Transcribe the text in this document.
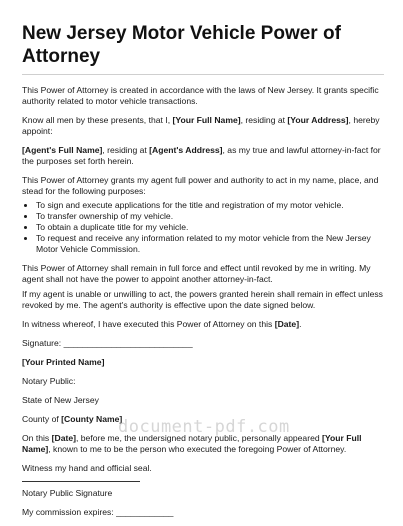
New Jersey Motor Vehicle Power of Attorney

This Power of Attorney is created in accordance with the laws of New Jersey. It grants specific authority related to motor vehicle transactions.

Know all men by these presents, that I, [Your Full Name], residing at [Your Address], hereby appoint:

[Agent's Full Name], residing at [Agent's Address], as my true and lawful attorney-in-fact for the purposes set forth herein.

This Power of Attorney grants my agent full power and authority to act in my name, place, and stead for the following purposes:

• To sign and execute applications for the title and registration of my motor vehicle.
• To transfer ownership of my vehicle.
• To obtain a duplicate title for my vehicle.
• To request and receive any information related to my motor vehicle from the New Jersey Motor Vehicle Commission.

This Power of Attorney shall remain in full force and effect until revoked by me in writing. My agent shall not have the power to appoint another attorney-in-fact.

If my agent is unable or unwilling to act, the powers granted herein shall remain in effect unless revoked by me. The agent's authority is effective upon the date signed below.

In witness whereof, I have executed this Power of Attorney on this [Date].

Signature: ___________________________

[Your Printed Name]

Notary Public:

State of New Jersey

County of [County Name]

On this [Date], before me, the undersigned notary public, personally appeared [Your Full Name], known to me to be the person who executed the foregoing Power of Attorney.

Witness my hand and official seal.

Notary Public Signature

My commission expires: ____________

document-pdf.com
